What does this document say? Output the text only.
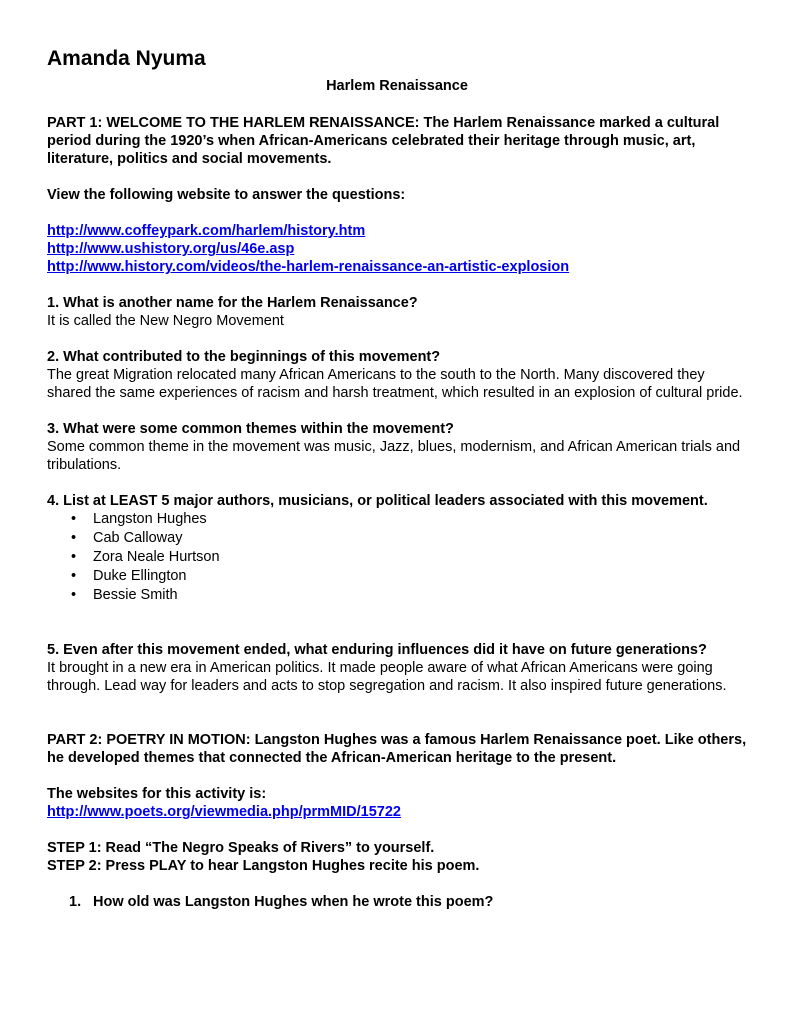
Amanda Nyuma
Harlem Renaissance

PART 1: WELCOME TO THE HARLEM RENAISSANCE: The Harlem Renaissance marked a cultural period during the 1920’s when African-Americans celebrated their heritage through music, art, literature, politics and social movements.

View the following website to answer the questions:

http://www.coffeypark.com/harlem/history.htm
http://www.ushistory.org/us/46e.asp
http://www.history.com/videos/the-harlem-renaissance-an-artistic-explosion

1. What is another name for the Harlem Renaissance?

It is called the New Negro Movement

2. What contributed to the beginnings of this movement?

The great Migration relocated many African Americans to the south to the North. Many discovered they shared the same experiences of racism and harsh treatment, which resulted in an explosion of cultural pride.

3. What were some common themes within the movement?

Some common theme in the movement was music, Jazz, blues, modernism, and African American trials and tribulations.

4. List at LEAST 5 major authors, musicians, or political leaders associated with this movement.

• Langston Hughes
• Cab Calloway
• Zora Neale Hurtson
• Duke Ellington
• Bessie Smith

5. Even after this movement ended, what enduring influences did it have on future generations?

It brought in a new era in American politics. It made people aware of what African Americans were going through. Lead way for leaders and acts to stop segregation and racism. It also inspired future generations.

PART 2: POETRY IN MOTION: Langston Hughes was a famous Harlem Renaissance poet. Like others, he developed themes that connected the African-American heritage to the present.

The websites for this activity is:

http://www.poets.org/viewmedia.php/prmMID/15722

STEP 1: Read “The Negro Speaks of Rivers” to yourself.

STEP 2: Press PLAY to hear Langston Hughes recite his poem.

1. How old was Langston Hughes when he wrote this poem?
